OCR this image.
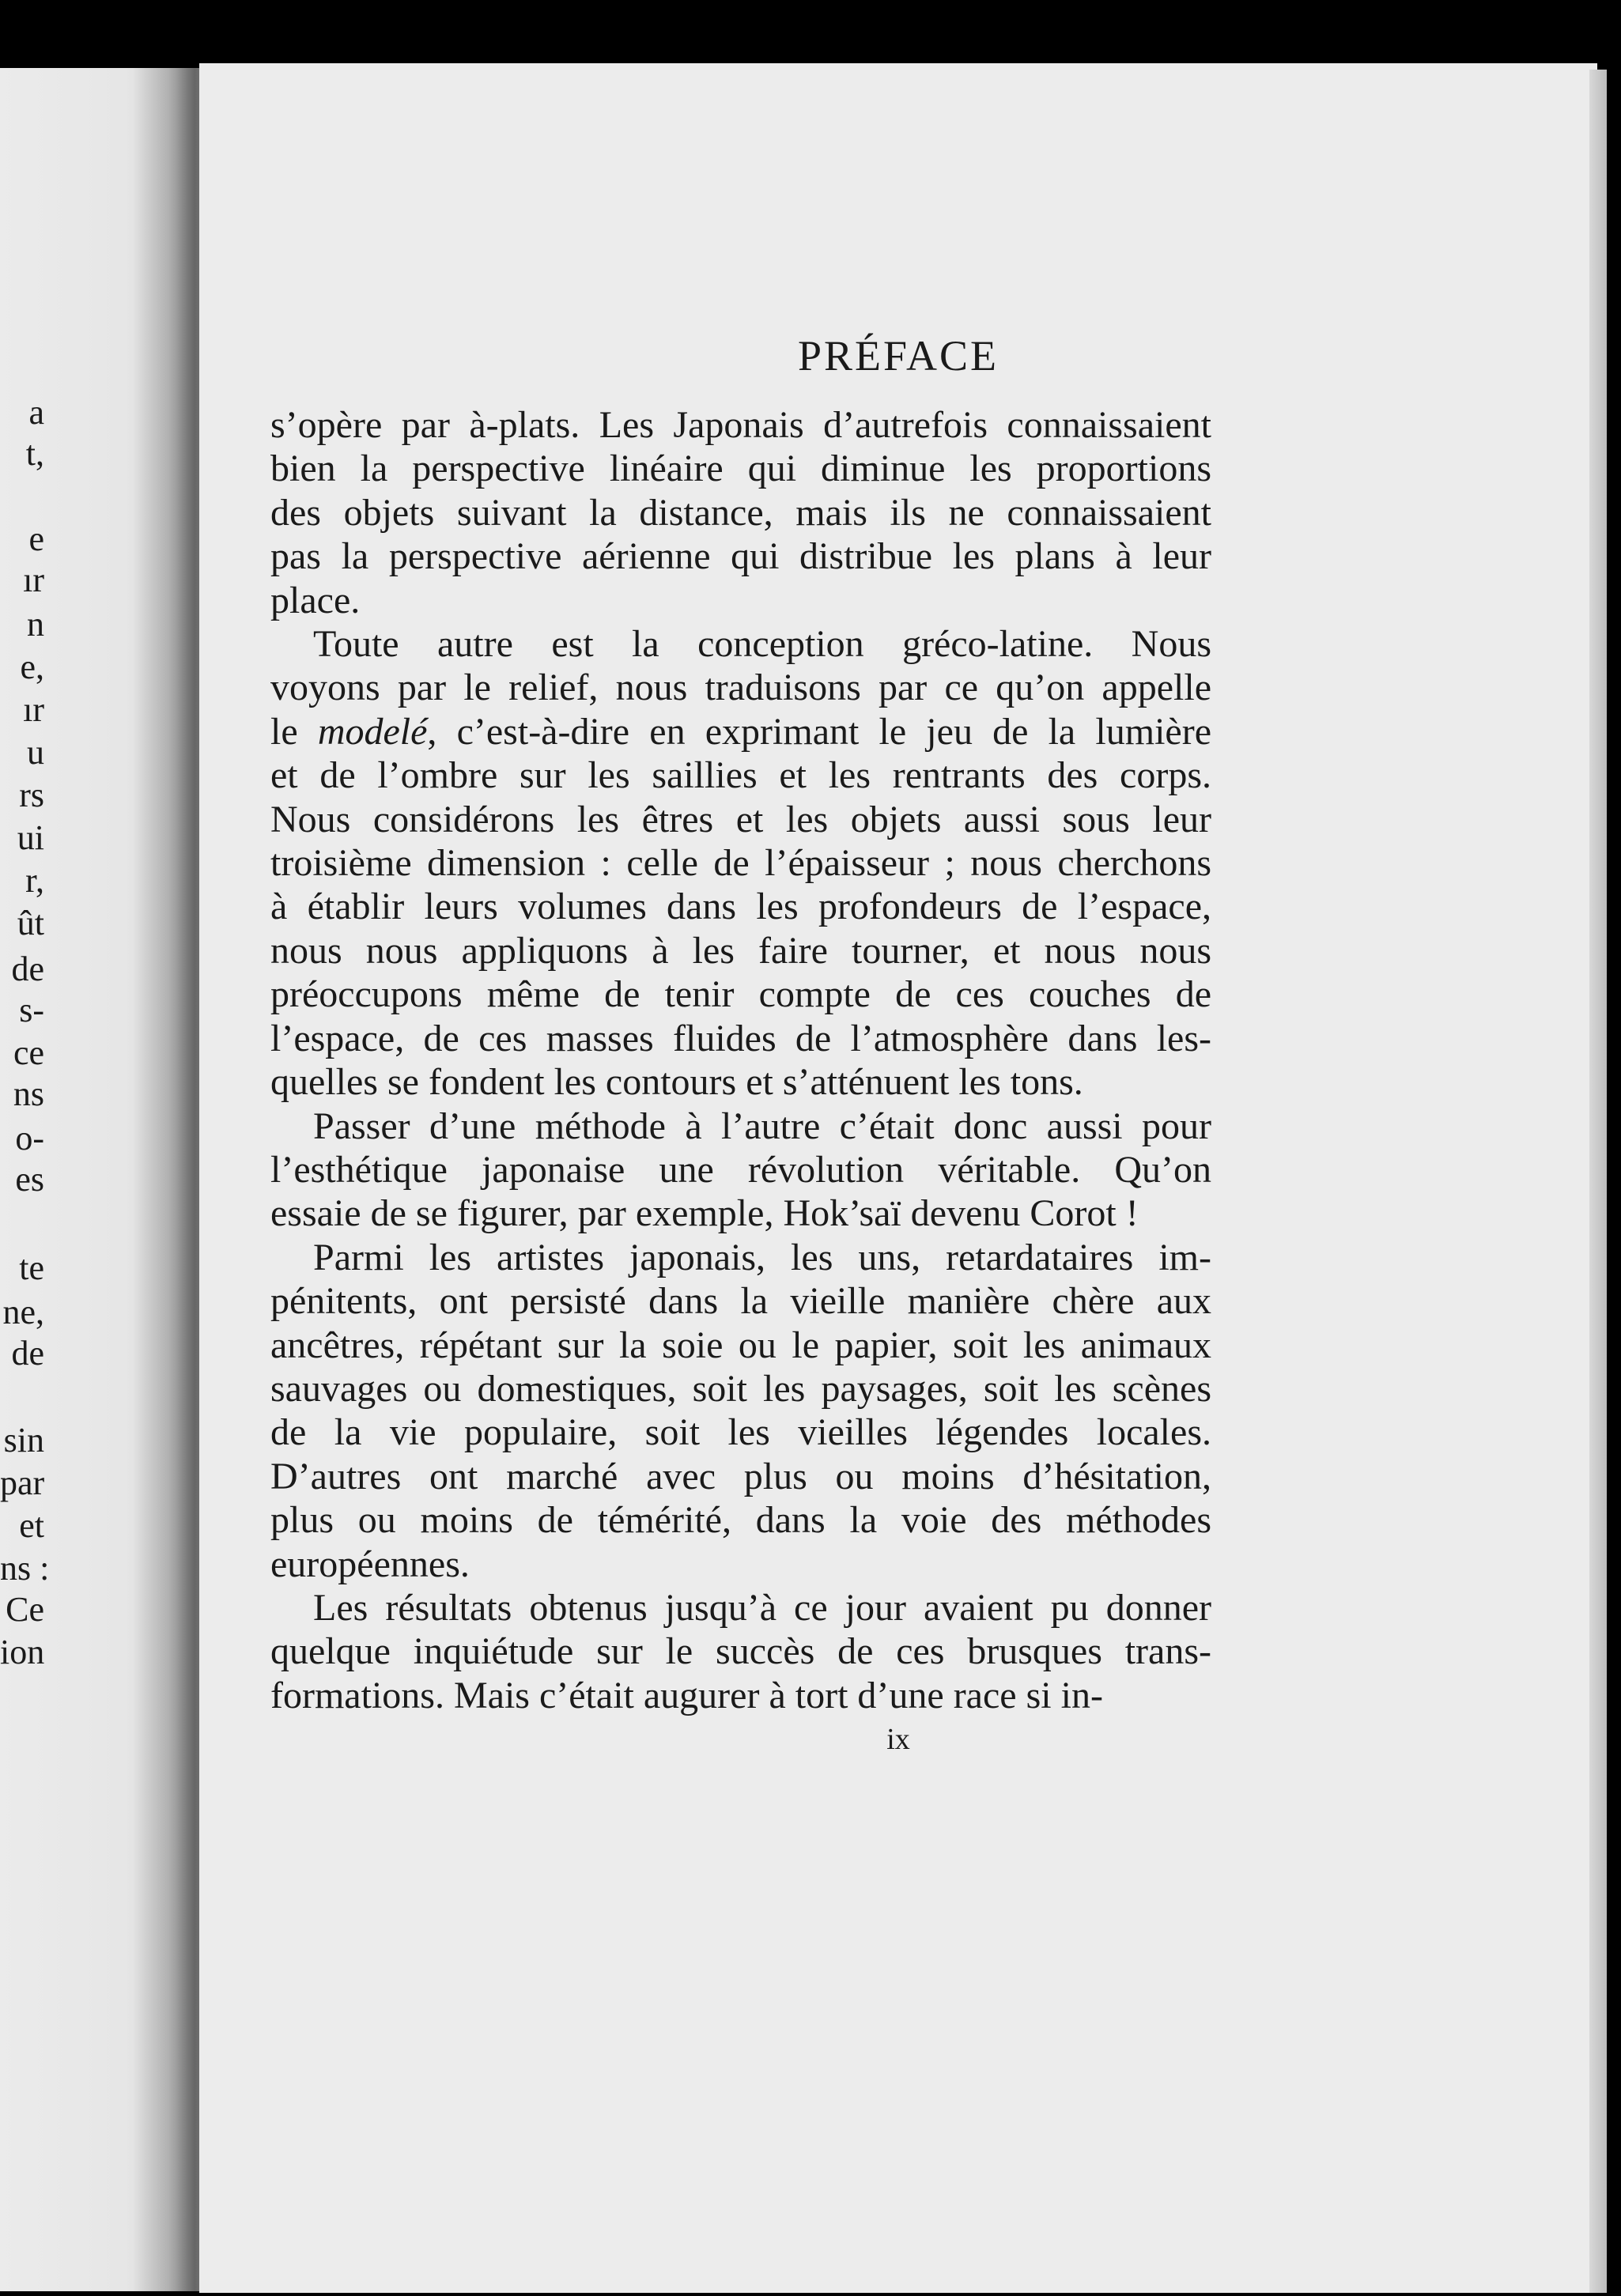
a
t,
e
ır
n
e,
ır
u
rs
ui
r,
ût
de
s-
ce
ns
o-
es
te
ne,
de
sin
par
et
ns :
Ce
ion
PRÉFACE

s’opère par à-plats. Les Japonais d’autrefois connaissaient
bien la perspective linéaire qui diminue les proportions
des objets suivant la distance, mais ils ne connaissaient
pas la perspective aérienne qui distribue les plans à leur
place.

Toute autre est la conception gréco-latine. Nous
voyons par le relief, nous traduisons par ce qu’on appelle
le modelé, c’est-à-dire en exprimant le jeu de la lumière
et de l’ombre sur les saillies et les rentrants des corps.
Nous considérons les êtres et les objets aussi sous leur
troisième dimension : celle de l’épaisseur ; nous cherchons
à établir leurs volumes dans les profondeurs de l’espace,
nous nous appliquons à les faire tourner, et nous nous
préoccupons même de tenir compte de ces couches de
l’espace, de ces masses fluides de l’atmosphère dans les-
quelles se fondent les contours et s’atténuent les tons.

Passer d’une méthode à l’autre c’était donc aussi pour
l’esthétique japonaise une révolution véritable. Qu’on
essaie de se figurer, par exemple, Hok’saï devenu Corot !

Parmi les artistes japonais, les uns, retardataires im-
pénitents, ont persisté dans la vieille manière chère aux
ancêtres, répétant sur la soie ou le papier, soit les animaux
sauvages ou domestiques, soit les paysages, soit les scènes
de la vie populaire, soit les vieilles légendes locales.
D’autres ont marché avec plus ou moins d’hésitation,
plus ou moins de témérité, dans la voie des méthodes
européennes.

Les résultats obtenus jusqu’à ce jour avaient pu donner
quelque inquiétude sur le succès de ces brusques trans-
formations. Mais c’était augurer à tort d’une race si in-

ix
